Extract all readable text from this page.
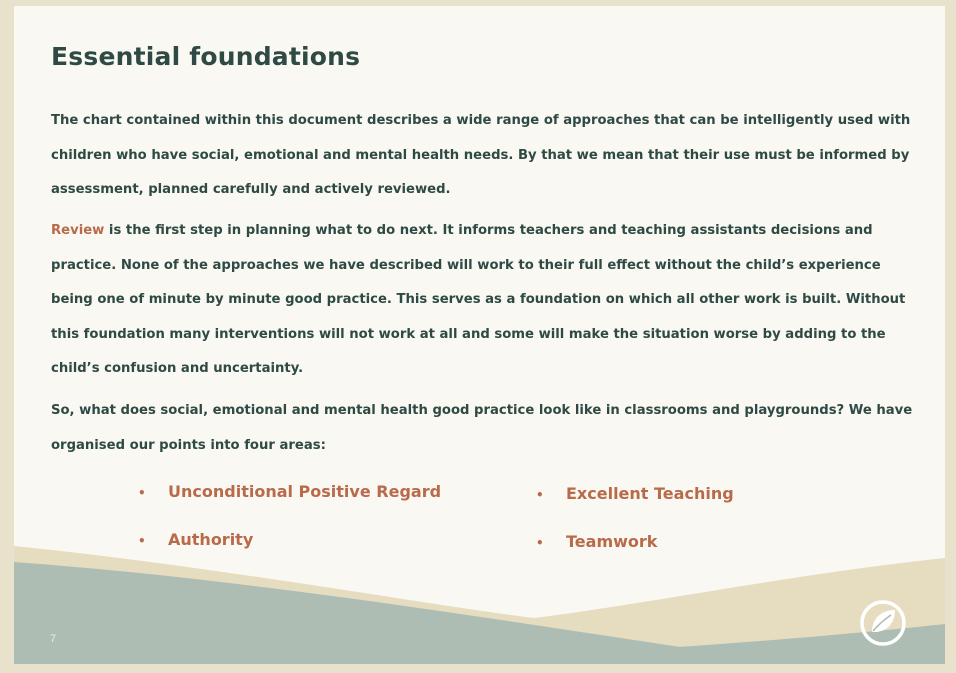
Essential foundations

The chart contained within this document describes a wide range of approaches that can be intelligently used with children who have social, emotional and mental health needs. By that we mean that their use must be informed by assessment, planned carefully and actively reviewed.

Review is the first step in planning what to do next. It informs teachers and teaching assistants decisions and practice. None of the approaches we have described will work to their full effect without the child’s experience being one of minute by minute good practice. This serves as a foundation on which all other work is built. Without this foundation many interventions will not work at all and some will make the situation worse by adding to the child’s confusion and uncertainty.

So, what does social, emotional and mental health good practice look like in classrooms and playgrounds? We have organised our points into four areas:

• Unconditional Positive Regard
• Authority
• Excellent Teaching
• Teamwork
7
